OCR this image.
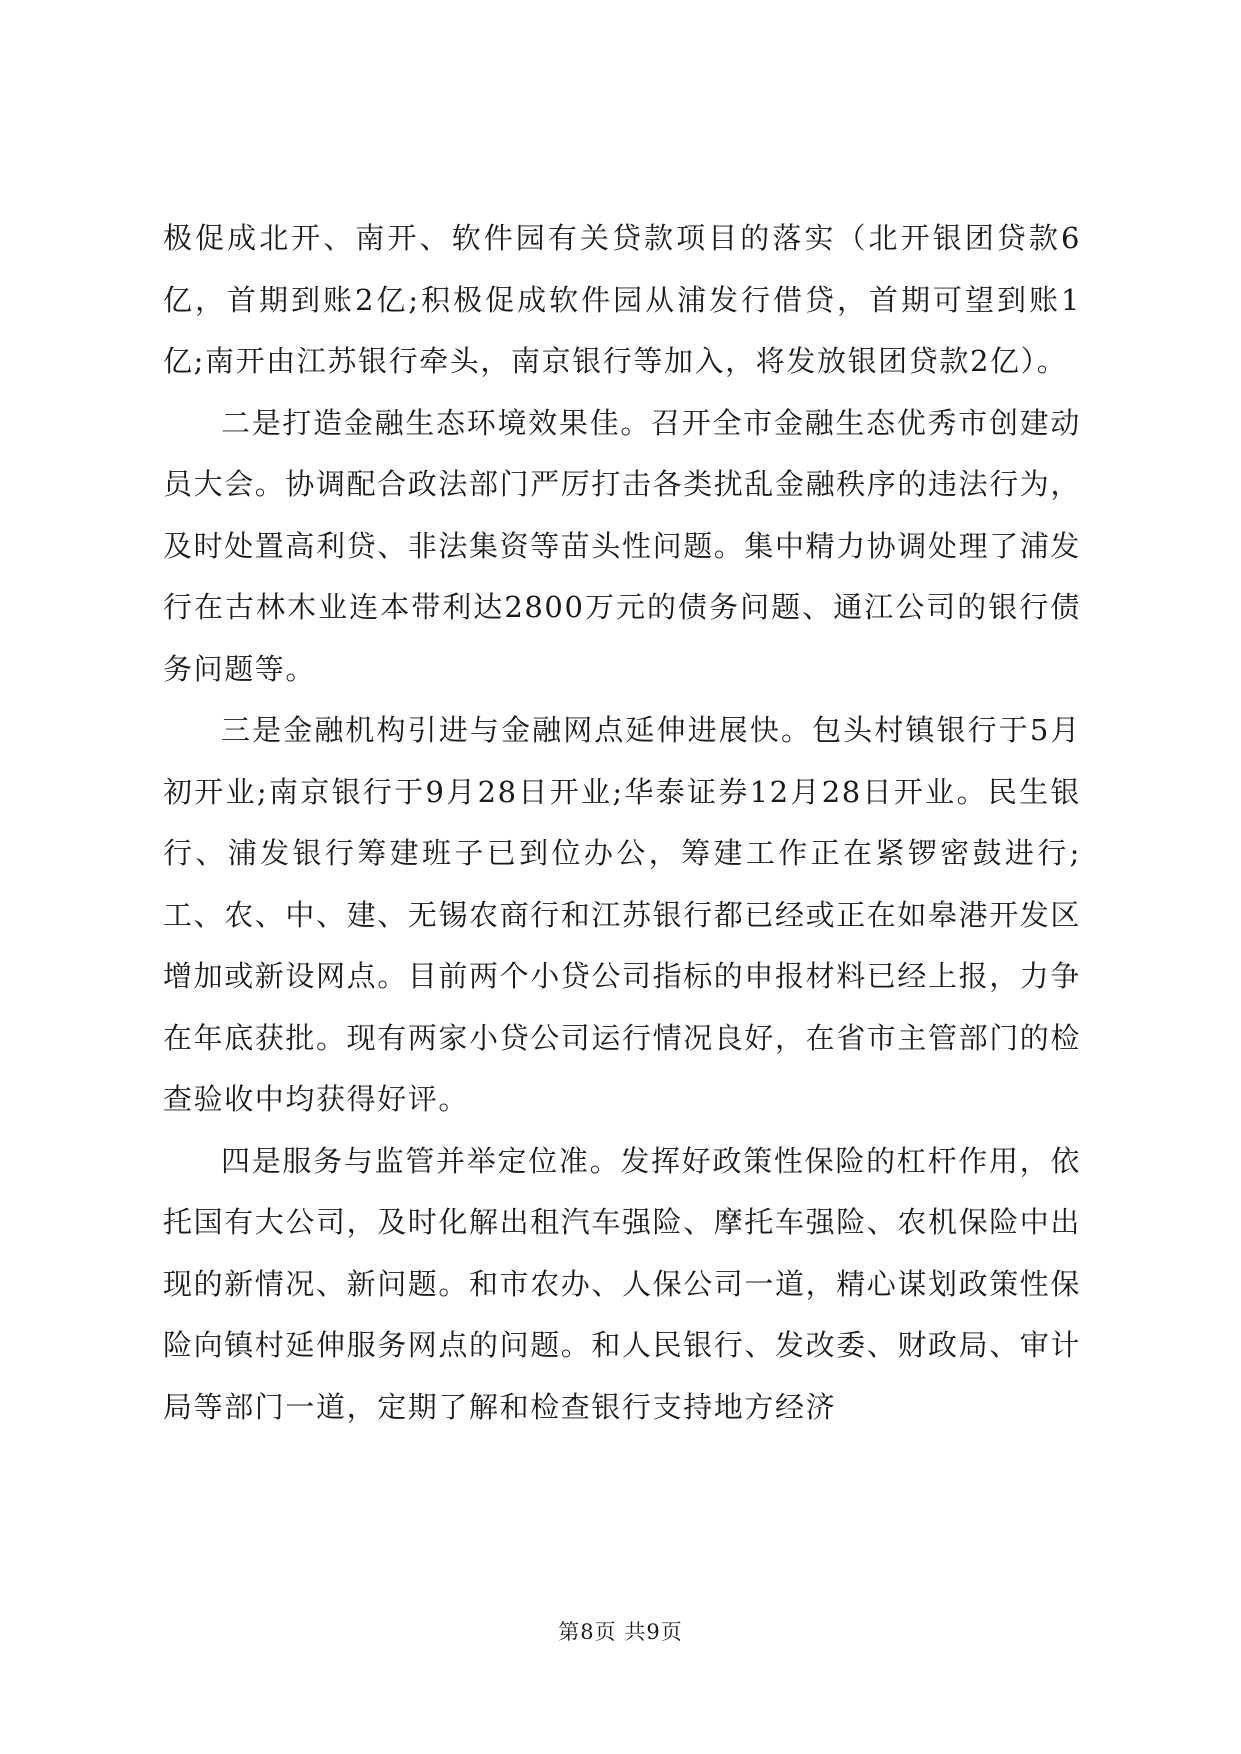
极促成北开、南开、软件园有关贷款项目的落实（北开银团贷款6亿，首期到账2亿;积极促成软件园从浦发行借贷，首期可望到账1亿;南开由江苏银行牵头，南京银行等加入，将发放银团贷款2亿）。

二是打造金融生态环境效果佳。召开全市金融生态优秀市创建动员大会。协调配合政法部门严厉打击各类扰乱金融秩序的违法行为，及时处置高利贷、非法集资等苗头性问题。集中精力协调处理了浦发行在古林木业连本带利达2800万元的债务问题、通江公司的银行债务问题等。

三是金融机构引进与金融网点延伸进展快。包头村镇银行于5月初开业;南京银行于9月28日开业;华泰证券12月28日开业。民生银行、浦发银行筹建班子已到位办公，筹建工作正在紧锣密鼓进行;工、农、中、建、无锡农商行和江苏银行都已经或正在如皋港开发区增加或新设网点。目前两个小贷公司指标的申报材料已经上报，力争在年底获批。现有两家小贷公司运行情况良好，在省市主管部门的检查验收中均获得好评。

四是服务与监管并举定位准。发挥好政策性保险的杠杆作用，依托国有大公司，及时化解出租汽车强险、摩托车强险、农机保险中出现的新情况、新问题。和市农办、人保公司一道，精心谋划政策性保险向镇村延伸服务网点的问题。和人民银行、发改委、财政局、审计局等部门一道，定期了解和检查银行支持地方经济

第8页 共9页
